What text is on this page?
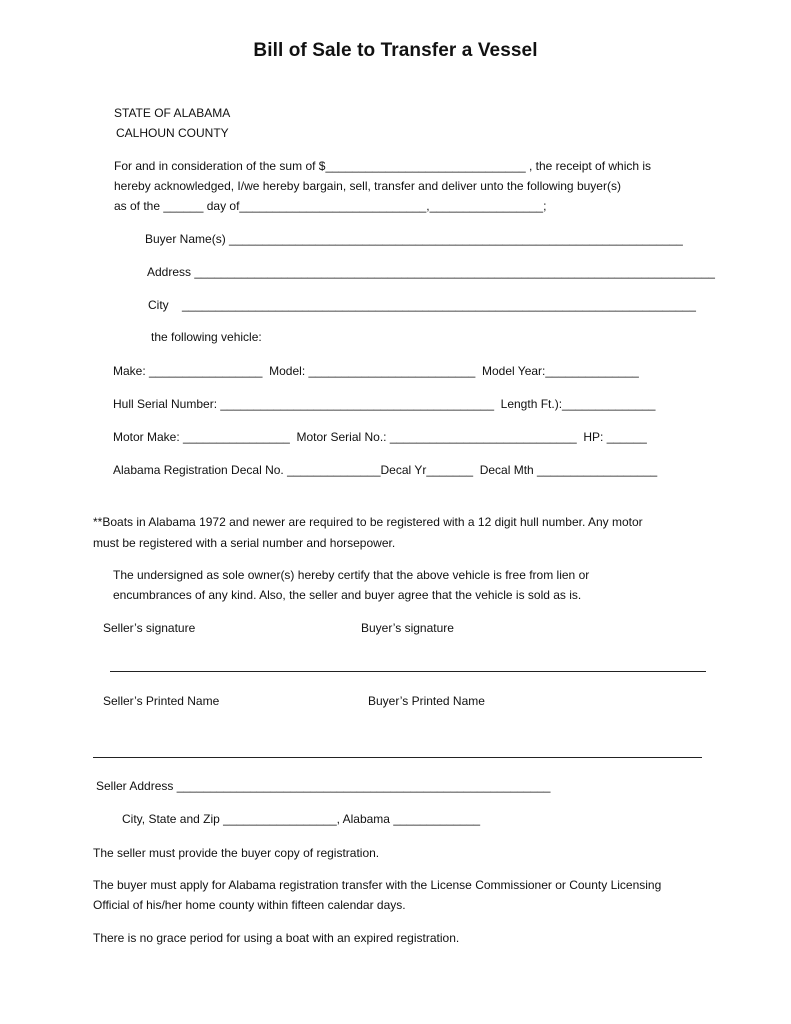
Bill of Sale to Transfer a Vessel
STATE OF ALABAMA
CALHOUN COUNTY
For and in consideration of the sum of $______________________________ , the receipt of which is
hereby acknowledged, I/we hereby bargain, sell, transfer and deliver unto the following buyer(s)
as of the ______ day of____________________________,_________________;
Buyer Name(s) ____________________________________________________________________
Address ______________________________________________________________________________
City    _____________________________________________________________________________
the following vehicle:
Make: _________________  Model: _________________________  Model Year:______________
Hull Serial Number: _________________________________________  Length Ft.):______________
Motor Make: ________________  Motor Serial No.: ____________________________  HP: ______
Alabama Registration Decal No. ______________Decal Yr_______  Decal Mth __________________
**Boats in Alabama 1972 and newer are required to be registered with a 12 digit hull number. Any motor
must be registered with a serial number and horsepower.
The undersigned as sole owner(s) hereby certify that the above vehicle is free from lien or
encumbrances of any kind. Also, the seller and buyer agree that the vehicle is sold as is.
Seller’s signature	Buyer’s signature
Seller’s Printed Name	Buyer’s Printed Name
Seller Address ________________________________________________________
City, State and Zip _________________, Alabama _____________
The seller must provide the buyer copy of registration.
The buyer must apply for Alabama registration transfer with the License Commissioner or County Licensing
Official of his/her home county within fifteen calendar days.
There is no grace period for using a boat with an expired registration.
